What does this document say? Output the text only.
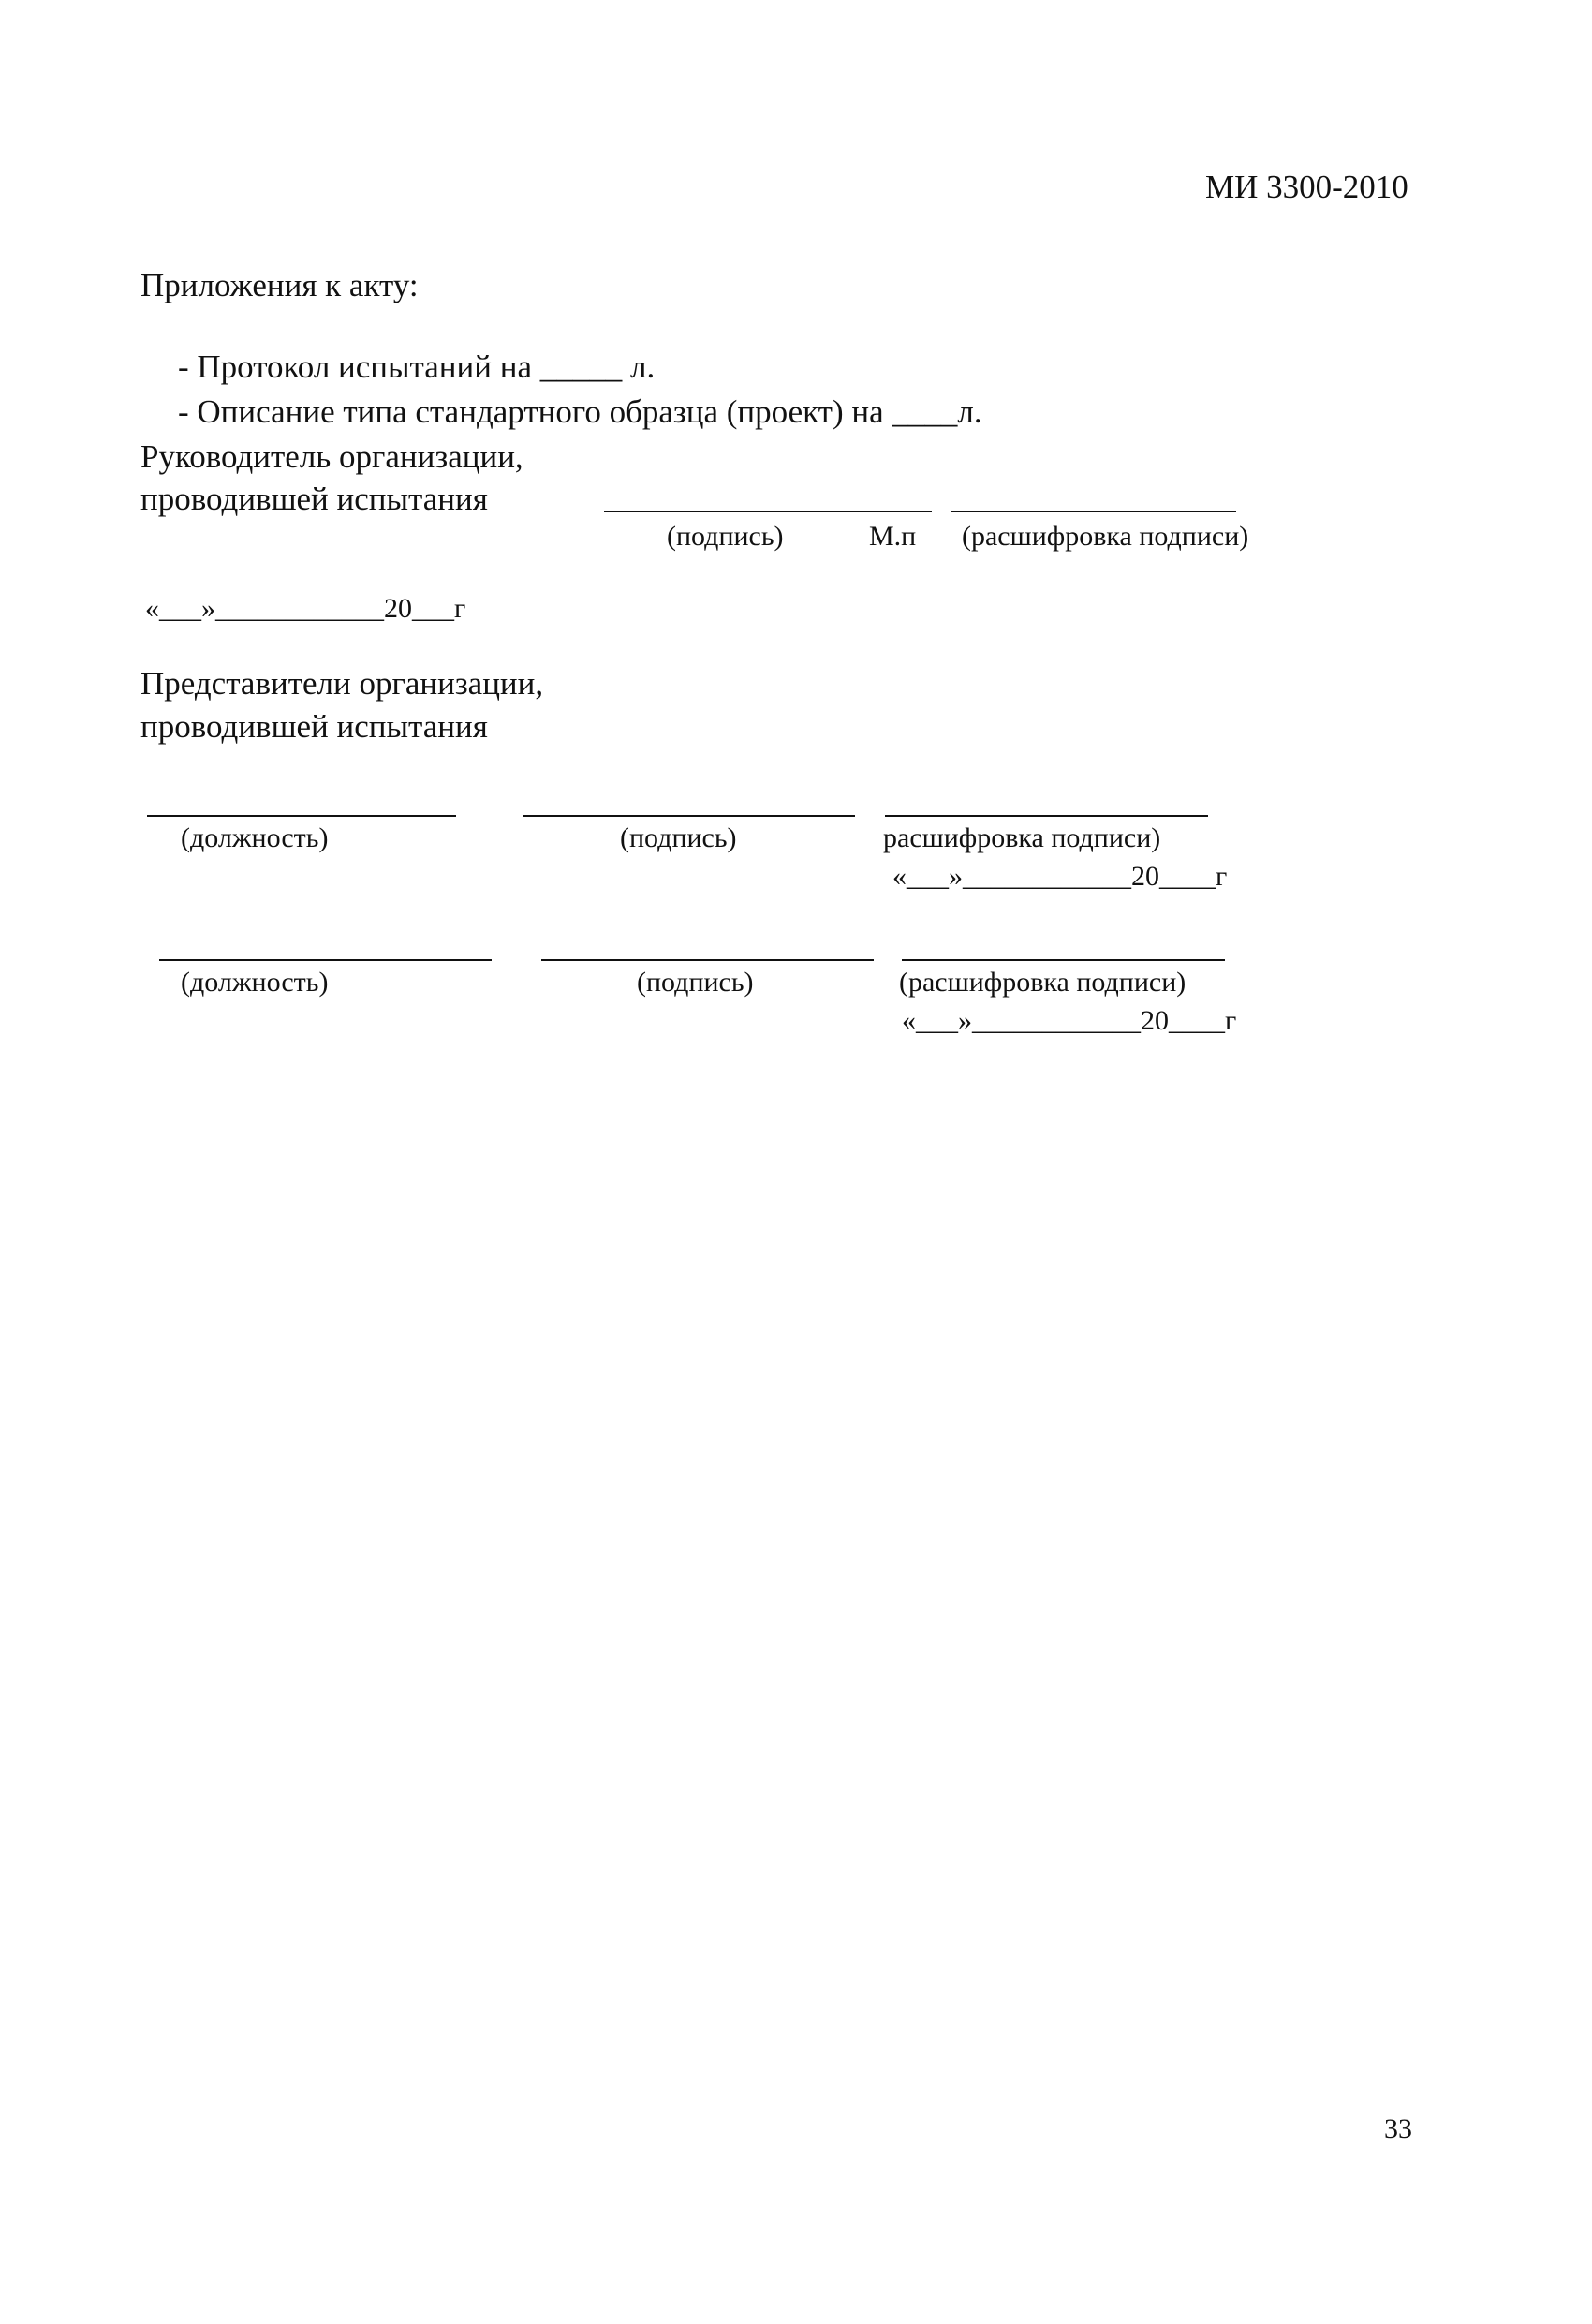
МИ 3300-2010
Приложения к акту:
- Протокол испытаний на _____ л.
- Описание типа стандартного образца (проект) на ____л.
Руководитель организации,
проводившей испытания
(подпись)	М.п (расшифровка подписи)
«___»____________20___г
Представители организации,
проводившей испытания
(должность)	(подпись)	расшифровка подписи)
«___»____________20____г
(должность)	(подпись)	(расшифровка подписи)
«___»____________20____г
33
